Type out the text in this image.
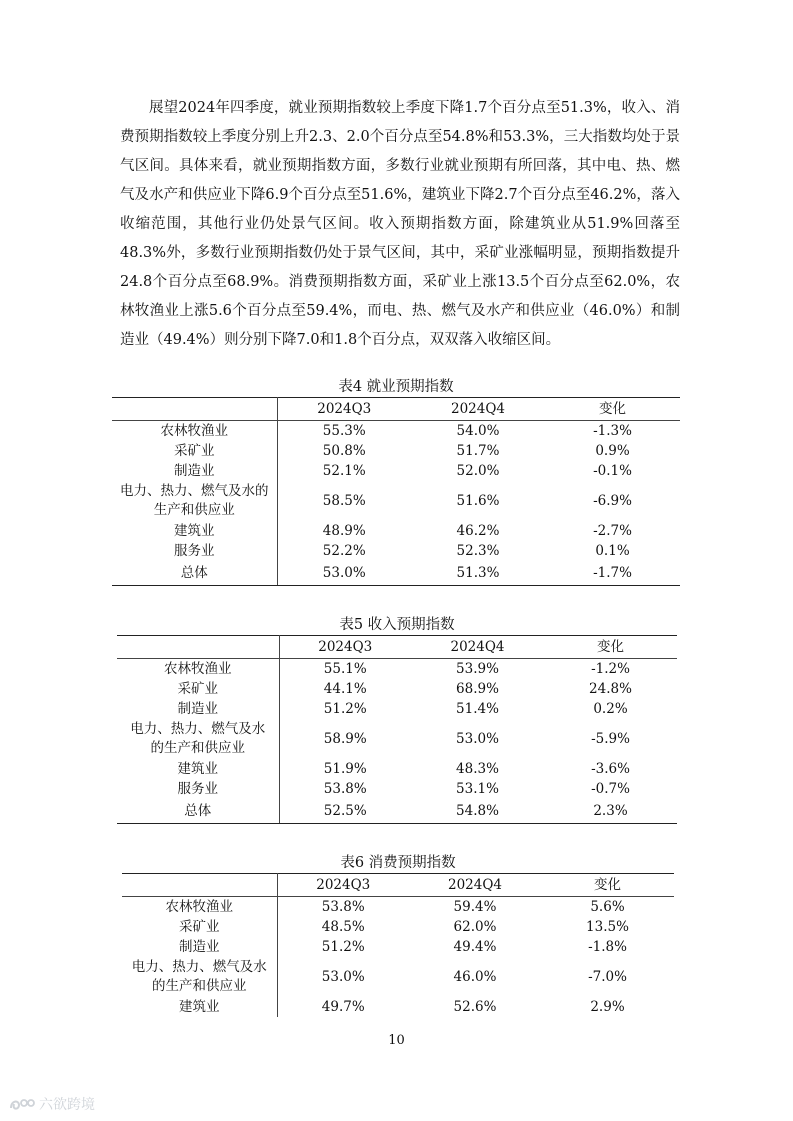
展望2024年四季度，就业预期指数较上季度下降1.7个百分点至51.3%，收入、消费预期指数较上季度分别上升2.3、2.0个百分点至54.8%和53.3%，三大指数均处于景气区间。具体来看，就业预期指数方面，多数行业就业预期有所回落，其中电、热、燃气及水产和供应业下降6.9个百分点至51.6%，建筑业下降2.7个百分点至46.2%，落入收缩范围，其他行业仍处景气区间。收入预期指数方面，除建筑业从51.9%回落至48.3%外，多数行业预期指数仍处于景气区间，其中，采矿业涨幅明显，预期指数提升24.8个百分点至68.9%。消费预期指数方面，采矿业上涨13.5个百分点至62.0%，农林牧渔业上涨5.6个百分点至59.4%，而电、热、燃气及水产和供应业（46.0%）和制造业（49.4%）则分别下降7.0和1.8个百分点，双双落入收缩区间。

表4 就业预期指数
	2024Q3	2024Q4	变化
农林牧渔业	55.3%	54.0%	-1.3%
采矿业	50.8%	51.7%	0.9%
制造业	52.1%	52.0%	-0.1%
电力、热力、燃气及水的
生产和供应业	58.5%	51.6%	-6.9%
建筑业	48.9%	46.2%	-2.7%
服务业	52.2%	52.3%	0.1%
总体	53.0%	51.3%	-1.7%
表5 收入预期指数
	2024Q3	2024Q4	变化
农林牧渔业	55.1%	53.9%	-1.2%
采矿业	44.1%	68.9%	24.8%
制造业	51.2%	51.4%	0.2%
电力、热力、燃气及水
的生产和供应业	58.9%	53.0%	-5.9%
建筑业	51.9%	48.3%	-3.6%
服务业	53.8%	53.1%	-0.7%
总体	52.5%	54.8%	2.3%
表6 消费预期指数
	2024Q3	2024Q4	变化
农林牧渔业	53.8%	59.4%	5.6%
采矿业	48.5%	62.0%	13.5%
制造业	51.2%	49.4%	-1.8%
电力、热力、燃气及水
的生产和供应业	53.0%	46.0%	-7.0%
建筑业	49.7%	52.6%	2.9%
10
六欲跨境
